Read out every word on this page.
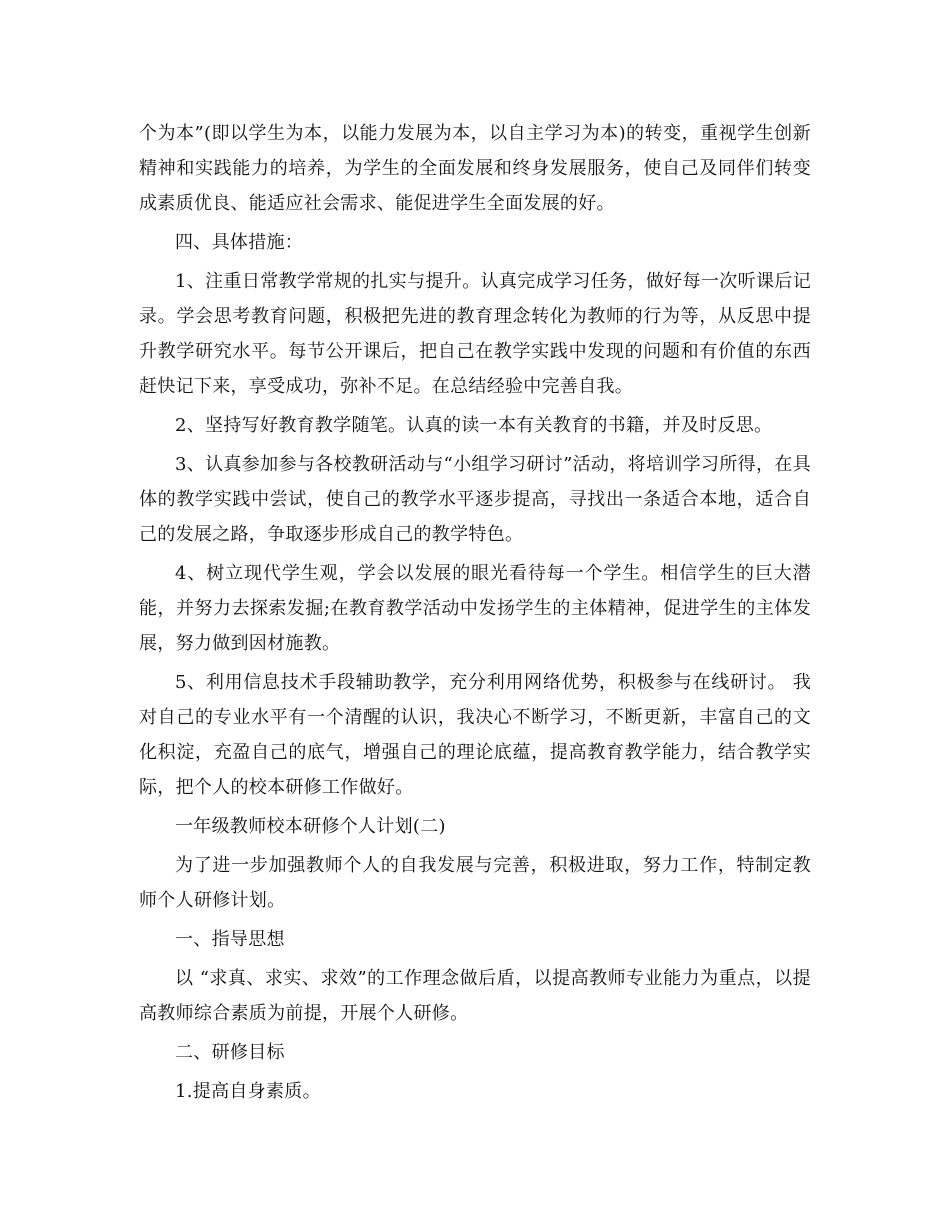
个为本”(即以学生为本，以能力发展为本，以自主学习为本)的转变，重视学生创新精神和实践能力的培养，为学生的全面发展和终身发展服务，使自己及同伴们转变成素质优良、能适应社会需求、能促进学生全面发展的好。

四、具体措施：

1、注重日常教学常规的扎实与提升。认真完成学习任务，做好每一次听课后记录。学会思考教育问题，积极把先进的教育理念转化为教师的行为等，从反思中提升教学研究水平。每节公开课后，把自己在教学实践中发现的问题和有价值的东西赶快记下来，享受成功，弥补不足。在总结经验中完善自我。

2、坚持写好教育教学随笔。认真的读一本有关教育的书籍，并及时反思。

3、认真参加参与各校教研活动与“小组学习研讨”活动，将培训学习所得，在具体的教学实践中尝试，使自己的教学水平逐步提高，寻找出一条适合本地，适合自己的发展之路，争取逐步形成自己的教学特色。

4、树立现代学生观，学会以发展的眼光看待每一个学生。相信学生的巨大潜能，并努力去探索发掘;在教育教学活动中发扬学生的主体精神，促进学生的主体发展，努力做到因材施教。

5、利用信息技术手段辅助教学，充分利用网络优势，积极参与在线研讨。 我对自己的专业水平有一个清醒的认识，我决心不断学习，不断更新，丰富自己的文化积淀，充盈自己的底气，增强自己的理论底蕴，提高教育教学能力，结合教学实际，把个人的校本研修工作做好。

一年级教师校本研修个人计划(二)

为了进一步加强教师个人的自我发展与完善，积极进取，努力工作，特制定教师个人研修计划。

一、指导思想

以 “求真、求实、求效”的工作理念做后盾，以提高教师专业能力为重点，以提高教师综合素质为前提，开展个人研修。

二、研修目标

1.提高自身素质。
